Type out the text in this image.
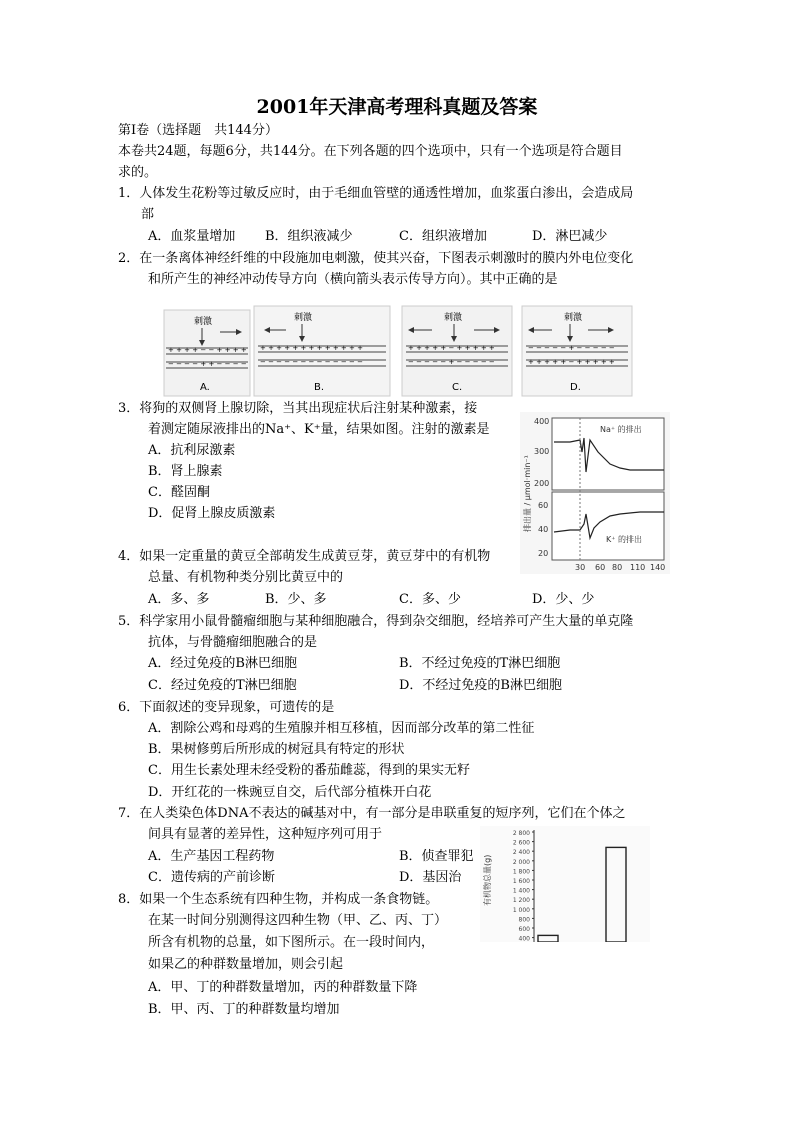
2001年天津高考理科真题及答案
第Ⅰ卷（选择题　共144分）
本卷共24题，每题6分，共144分。在下列各题的四个选项中，只有一个选项是符合题目
求的。
1．人体发生花粉等过敏反应时，由于毛细血管壁的通透性增加，血浆蛋白渗出，会造成局
部
A．血浆量增加 B．组织液减少	C．组织液增加	D．淋巴减少
2．在一条离体神经纤维的中段施加电刺激，使其兴奋，下图表示刺激时的膜内外电位变化
和所产生的神经冲动传导方向（横向箭头表示传导方向）。其中正确的是
刺激
+ + + + − − + + + +
− − − − + + − − − −
A.
刺激
+ + + + + + + + + + + + +
− − − − − − − − − − − − −
B.
刺激
+ + + + + − + + + + +
− − − − − + − − − − −
C.
刺激
− − − − − + − − − − −
+ + + + + − + + + + +
D.
3．将狗的双侧肾上腺切除，当其出现症状后注射某种激素，接
着测定随尿液排出的Na⁺、K⁺量，结果如图。注射的激素是
A．抗利尿激素
B．肾上腺素
C．醛固酮
D．促肾上腺皮质激素	排出量 / μmol·min⁻¹
400
300
200
60
40
20
Na⁺ 的排出
K⁺ 的排出
30 60 80 110 140
4．如果一定重量的黄豆全部萌发生成黄豆芽，黄豆芽中的有机物
总量、有机物种类分别比黄豆中的
A．多、多	B．少、多	C．多、少	D．少、少
5．科学家用小鼠骨髓瘤细胞与某种细胞融合，得到杂交细胞，经培养可产生大量的单克隆
抗体，与骨髓瘤细胞融合的是
A．经过免疫的B淋巴细胞	B．不经过免疫的T淋巴细胞
C．经过免疫的T淋巴细胞	D．不经过免疫的B淋巴细胞
6．下面叙述的变异现象，可遗传的是
A．割除公鸡和母鸡的生殖腺并相互移植，因而部分改革的第二性征
B．果树修剪后所形成的树冠具有特定的形状
C．用生长素处理未经受粉的番茄雌蕊，得到的果实无籽
D．开红花的一株豌豆自交，后代部分植株开白花
7．在人类染色体DNA不表达的碱基对中，有一部分是串联重复的短序列，它们在个体之
间具有显著的差异性，这种短序列可用于
A．生产基因工程药物	B．侦查罪犯
C．遗传病的产前诊断	D．基因治
8．如果一个生态系统有四种生物，并构成一条食物链。
在某一时间分别测得这四种生物（甲、乙、丙、丁）
所含有机物的总量，如下图所示。在一段时间内，
如果乙的种群数量增加，则会引起
A．甲、丁的种群数量增加，丙的种群数量下降
B．甲、丙、丁的种群数量均增加
有机物总量(g)
2 800
2 600
2 400
2 000
1 800
1 600
1 400
1 200
1 000
800
600
400
